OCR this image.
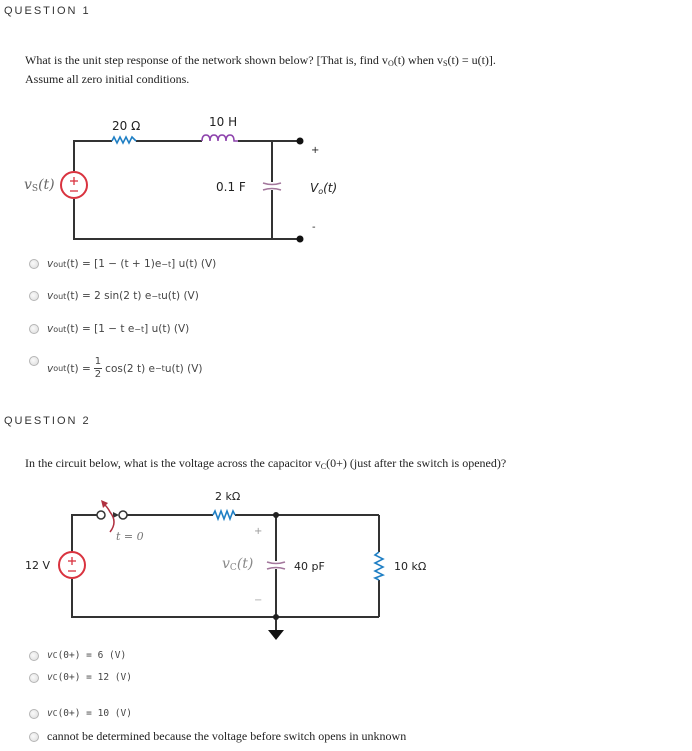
QUESTION 1
What is the unit step response of the network shown below? [That is, find $v_O(t)$ when $v_S(t) = u(t)$].
Assume all zero initial conditions.
20 Ω	10 H
0.1 F
$v_S(t)$	$V_o(t)$
+
-
v out (t)
= [1 − (t + 1)e −t ] u(t) (V)
v out (t)
= 2 sin(2 t) e −t u(t) (V)
v out (t)
= [1 − t e −t ] u(t) (V)
v out (t)
= $\frac{1}{2} \cos(2$ t) e −t u(t) (V)
QUESTION 2
In the circuit below, what is the voltage across the capacitor $v_C(0+)$ (just after the switch is opened)?
12 V
t = 0
2 kΩ
40 pF	10 kΩ
$v_C(t)$
+
−
v C (0+) = 6 (V)
v C (0+) = 12 (V)
v C (0+) = 10 (V)
cannot be determined because the voltage before switch opens in unknown
